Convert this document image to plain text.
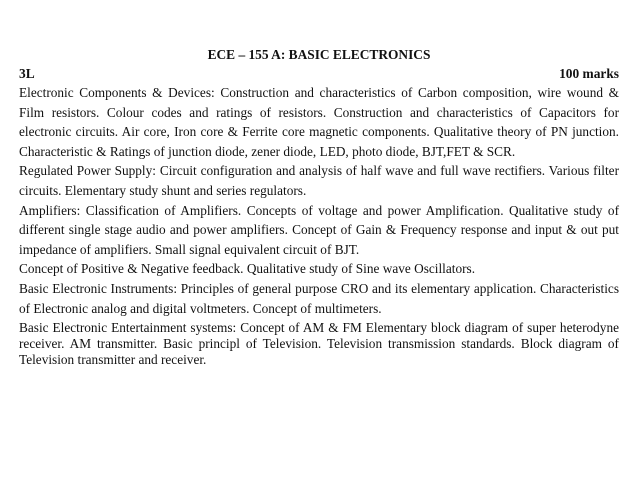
ECE – 155 A: BASIC ELECTRONICS
3L	100 marks

Electronic Components & Devices: Construction and characteristics of Carbon composition, wire wound & Film resistors. Colour codes and ratings of resistors. Construction and characteristics of Capacitors for electronic circuits. Air core, Iron core & Ferrite core magnetic components. Qualitative theory of PN junction. Characteristic & Ratings of junction diode, zener diode, LED, photo diode, BJT,FET & SCR.

Regulated Power Supply: Circuit configuration and analysis of half wave and full wave rectifiers. Various filter circuits. Elementary study shunt and series regulators.

Amplifiers: Classification of Amplifiers. Concepts of voltage and power Amplification. Qualitative study of different single stage audio and power amplifiers. Concept of Gain & Frequency response and input & out put impedance of amplifiers. Small signal equivalent circuit of BJT.

Concept of Positive & Negative feedback. Qualitative study of Sine wave Oscillators.

Basic Electronic Instruments: Principles of general purpose CRO and its elementary application. Characteristics of Electronic analog and digital voltmeters. Concept of multimeters.

Basic Electronic Entertainment systems: Concept of AM & FM Elementary block diagram of super heterodyne receiver. AM transmitter. Basic principl of Television. Television transmission standards. Block diagram of Television transmitter and receiver.
